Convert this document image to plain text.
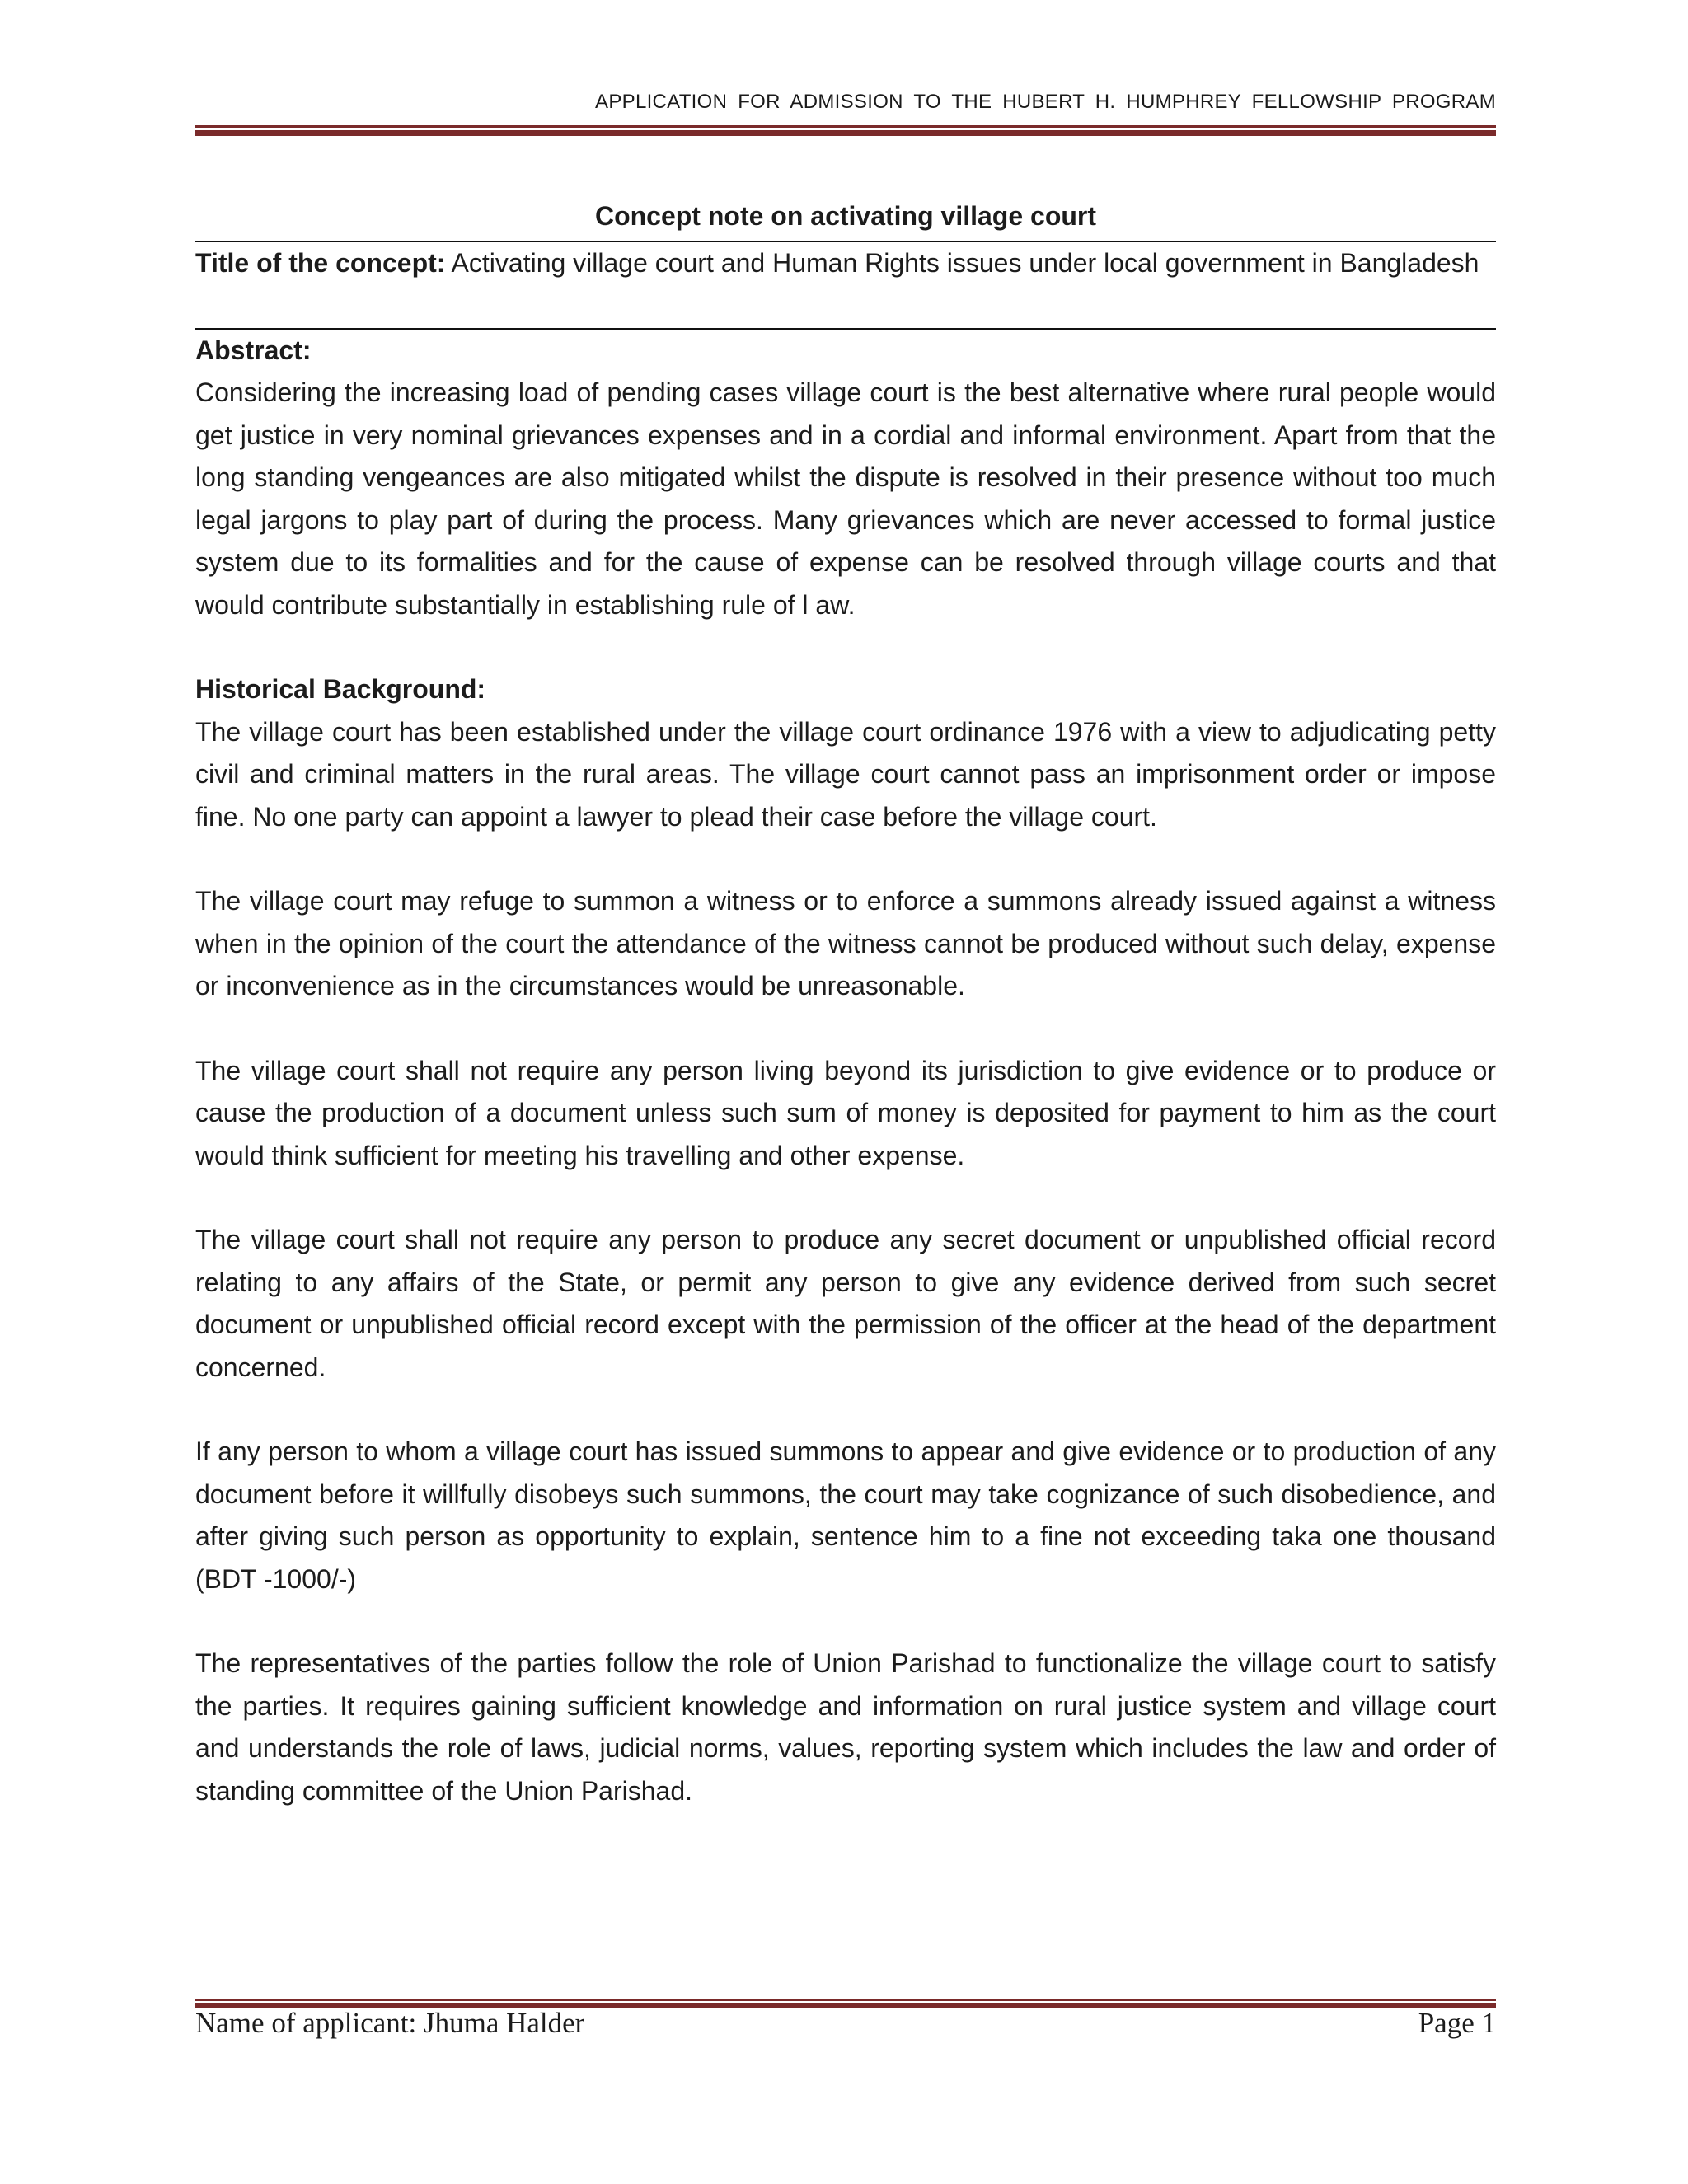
APPLICATION FOR ADMISSION TO THE HUBERT H. HUMPHREY FELLOWSHIP PROGRAM
Concept note on activating village court

Title of the concept: Activating village court and Human Rights issues under local government in Bangladesh

Abstract:

Considering the increasing load of pending cases village court is the best alternative where rural people would get justice in very nominal grievances expenses and in a cordial and informal environment. Apart from that the long standing vengeances are also mitigated whilst the dispute is resolved in their presence without too much legal jargons to play part of during the process. Many grievances which are never accessed to formal justice system due to its formalities and for the cause of expense can be resolved through village courts and that would contribute substantially in establishing rule of l aw.

Historical Background:

The village court has been established under the village court ordinance 1976 with a view to adjudicating petty civil and criminal matters in the rural areas. The village court cannot pass an imprisonment order or impose fine. No one party can appoint a lawyer to plead their case before the village court.

The village court may refuge to summon a witness or to enforce a summons already issued against a witness when in the opinion of the court the attendance of the witness cannot be produced without such delay, expense or inconvenience as in the circumstances would be unreasonable.

The village court shall not require any person living beyond its jurisdiction to give evidence or to produce or cause the production of a document unless such sum of money is deposited for payment to him as the court would think sufficient for meeting his travelling and other expense.

The village court shall not require any person to produce any secret document or unpublished official record relating to any affairs of the State, or permit any person to give any evidence derived from such secret document or unpublished official record except with the permission of the officer at the head of the department concerned.

If any person to whom a village court has issued summons to appear and give evidence or to production of any document before it willfully disobeys such summons, the court may take cognizance of such disobedience, and after giving such person as opportunity to explain, sentence him to a fine not exceeding taka one thousand (BDT -1000/-)

The representatives of the parties follow the role of Union Parishad to functionalize the village court to satisfy the parties. It requires gaining sufficient knowledge and information on rural justice system and village court and understands the role of laws, judicial norms, values, reporting system which includes the law and order of standing committee of the Union Parishad.

Name of applicant: Jhuma Halder	Page 1
